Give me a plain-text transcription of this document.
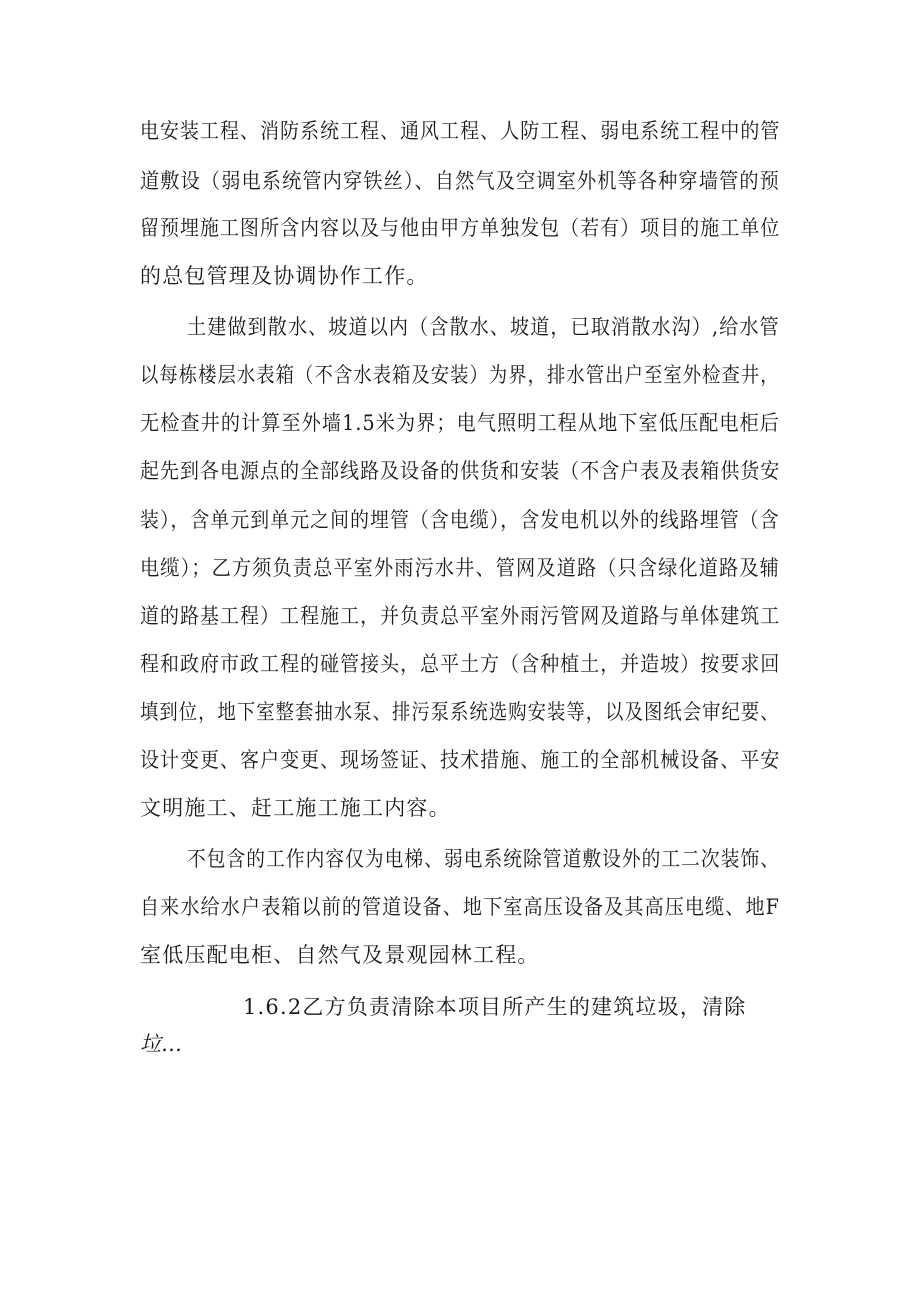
电安装工程、消防系统工程、通风工程、人防工程、弱电系统工程中的管
道敷设（弱电系统管内穿铁丝）、自然气及空调室外机等各种穿墙管的预
留预埋施工图所含内容以及与他由甲方单独发包（若有）项目的施工单位
的总包管理及协调协作工作。
土建做到散水、坡道以内（含散水、坡道，已取消散水沟）,给水管
以每栋楼层水表箱（不含水表箱及安装）为界，排水管出户至室外检查井，
无检查井的计算至外墙1.5米为界；电气照明工程从地下室低压配电柜后
起先到各电源点的全部线路及设备的供货和安装（不含户表及表箱供货安
装），含单元到单元之间的埋管（含电缆），含发电机以外的线路埋管（含
电缆）；乙方须负责总平室外雨污水井、管网及道路（只含绿化道路及辅
道的路基工程）工程施工，并负责总平室外雨污管网及道路与单体建筑工
程和政府市政工程的碰管接头，总平土方（含种植土，并造坡）按要求回
填到位，地下室整套抽水泵、排污泵系统选购安装等，以及图纸会审纪要、
设计变更、客户变更、现场签证、技术措施、施工的全部机械设备、平安
文明施工、赶工施工施工内容。
不包含的工作内容仅为电梯、弱电系统除管道敷设外的工二次装饰、
自来水给水户表箱以前的管道设备、地下室高压设备及其高压电缆、地F
室低压配电柜、自然气及景观园林工程。
1.6.2乙方负责清除本项目所产生的建筑垃圾，清除
垃…
